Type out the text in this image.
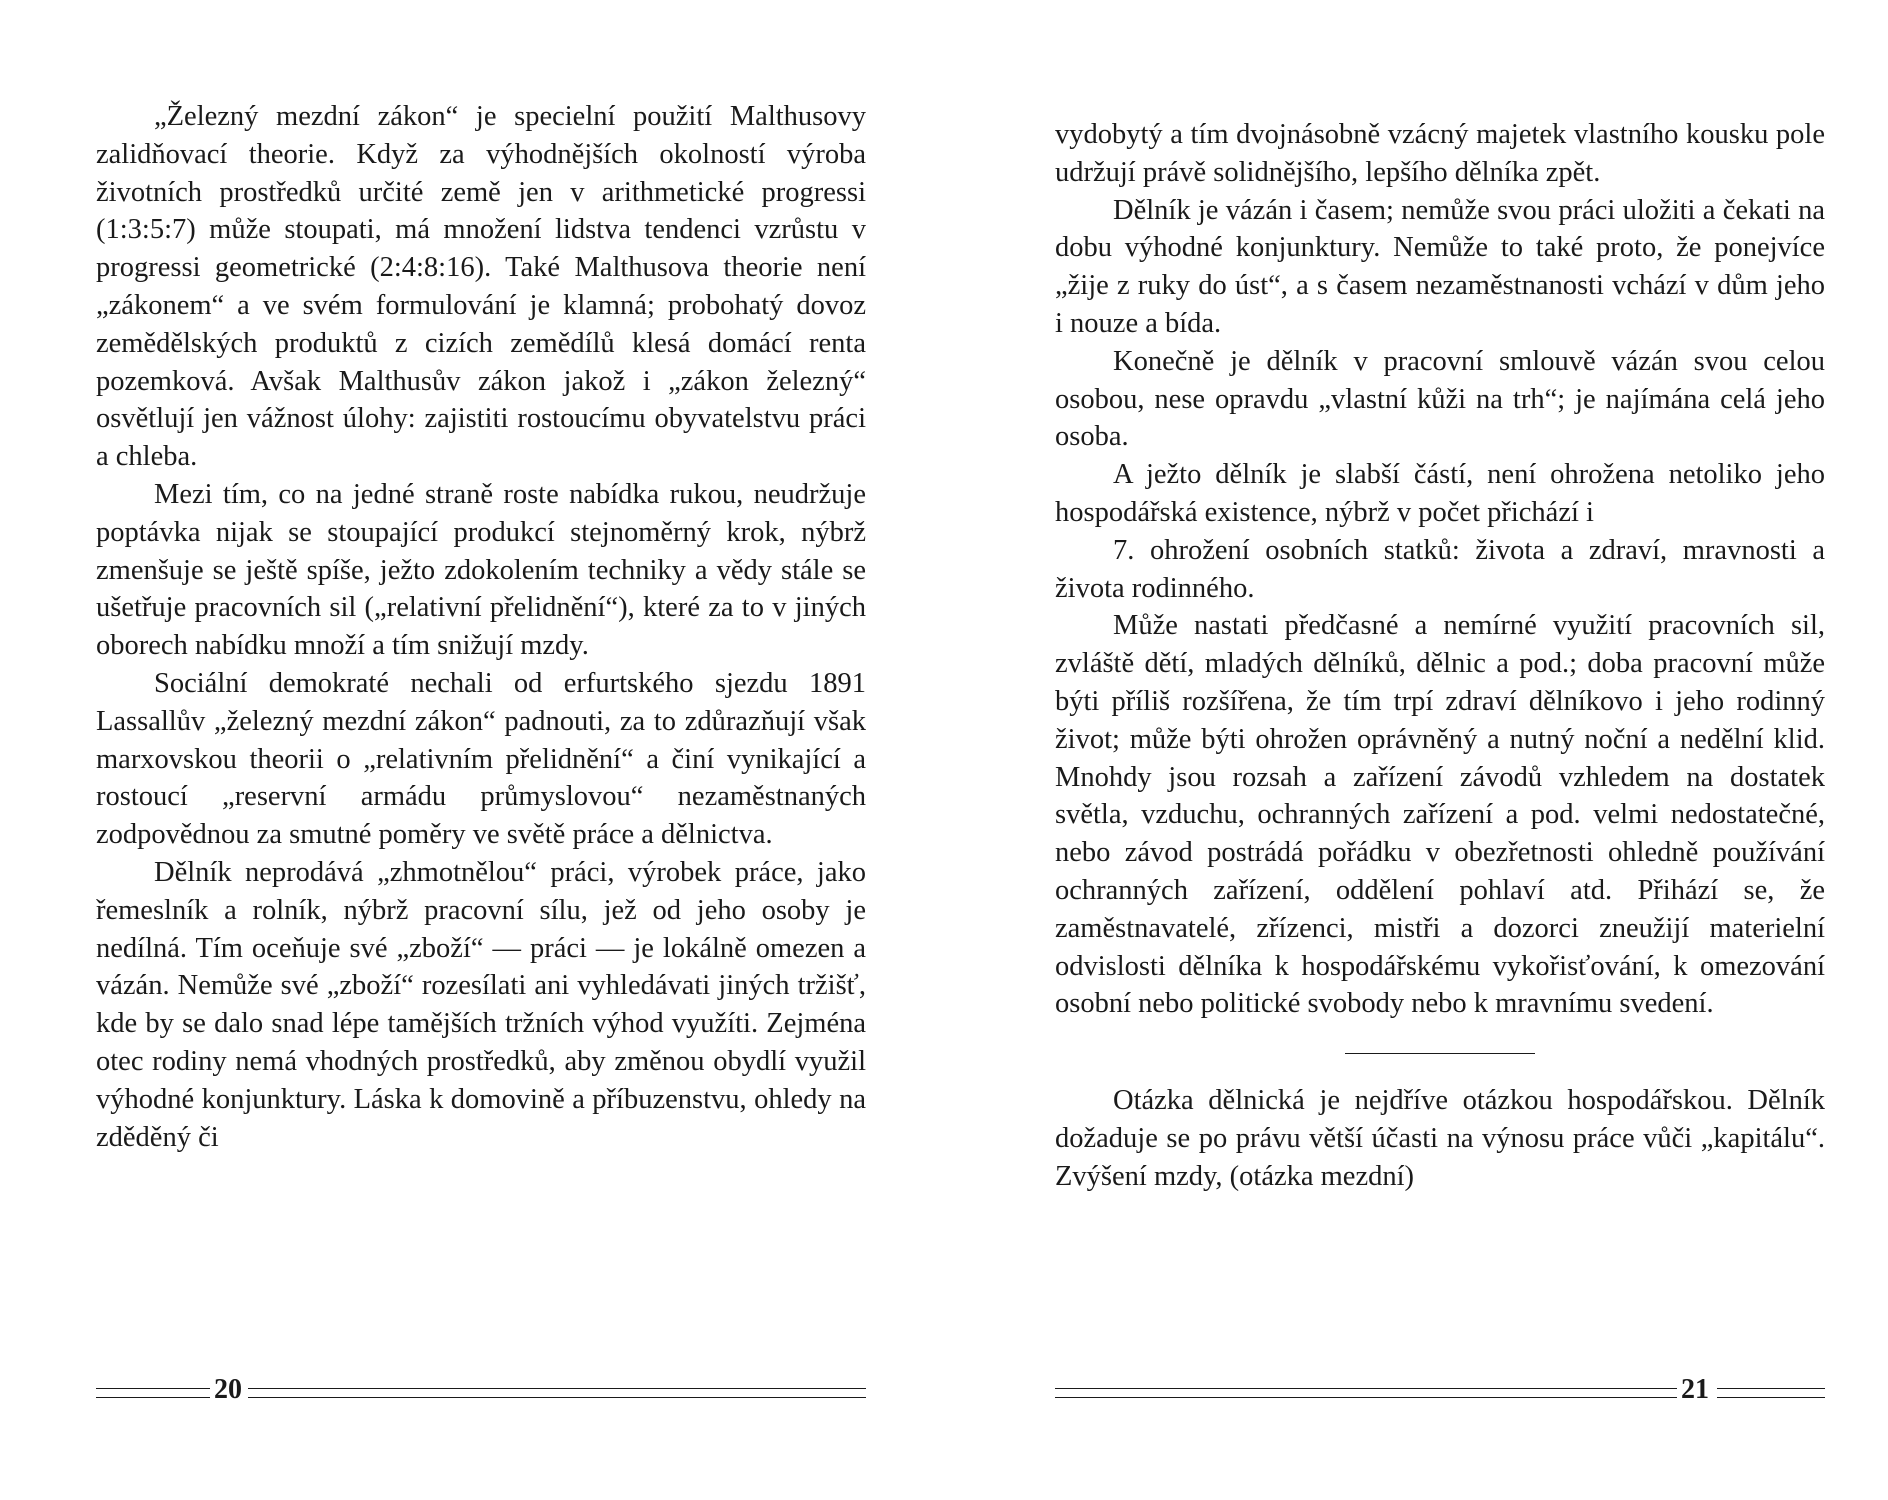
„Železný mezdní zákon“ je specielní použití Malthusovy zalidňovací theorie. Když za výhodnějších okolností výroba životních prostředků určité země jen v arithmetické progressi (1:3:5:7) může stoupati, má množení lidstva tendenci vzrůstu v progressi geometrické (2:4:8:16). Také Malthusova theorie není „zákonem“ a ve svém formulování je klamná; probohatý dovoz zemědělských produktů z cizích zemědílů klesá domácí renta pozemková. Avšak Malthusův zákon jakož i „zákon železný“ osvětlují jen vážnost úlohy: zajistiti rostoucímu obyvatelstvu práci a chleba.

Mezi tím, co na jedné straně roste nabídka rukou, neudržuje poptávka nijak se stoupající produkcí stejnoměrný krok, nýbrž zmenšuje se ještě spíše, ježto zdokolením techniky a vědy stále se ušetřuje pracovních sil („relativní přelidnění“), které za to v jiných oborech nabídku množí a tím snižují mzdy.

Sociální demokraté nechali od erfurtského sjezdu 1891 Lassallův „železný mezdní zákon“ padnouti, za to zdůrazňují však marxovskou theorii o „relativním přelidnění“ a činí vynikající a rostoucí „reservní armádu průmyslovou“ nezaměstnaných zodpovědnou za smutné poměry ve světě práce a dělnictva.

Dělník neprodává „zhmotnělou“ práci, výrobek práce, jako řemeslník a rolník, nýbrž pracovní sílu, jež od jeho osoby je nedílná. Tím oceňuje své „zboží“ — práci — je lokálně omezen a vázán. Nemůže své „zboží“ rozesílati ani vyhledávati jiných tržišť, kde by se dalo snad lépe tamějších tržních výhod využíti. Zejména otec rodiny nemá vhodných prostředků, aby změnou obydlí využil výhodné konjunktury. Láska k domovině a příbuzenstvu, ohledy na zděděný či

20

vydobytý a tím dvojnásobně vzácný majetek vlastního kousku pole udržují právě solidnějšího, lepšího dělníka zpět.

Dělník je vázán i časem; nemůže svou práci uložiti a čekati na dobu výhodné konjunktury. Nemůže to také proto, že ponejvíce „žije z ruky do úst“, a s časem nezaměstnanosti vchází v dům jeho i nouze a bída.

Konečně je dělník v pracovní smlouvě vázán svou celou osobou, nese opravdu „vlastní kůži na trh“; je najímána celá jeho osoba.

A ježto dělník je slabší částí, není ohrožena netoliko jeho hospodářská existence, nýbrž v počet přichází i

7. ohrožení osobních statků: života a zdraví, mravnosti a života rodinného.

Může nastati předčasné a nemírné využití pracovních sil, zvláště dětí, mladých dělníků, dělnic a pod.; doba pracovní může býti příliš rozšířena, že tím trpí zdraví dělníkovo i jeho rodinný život; může býti ohrožen oprávněný a nutný noční a nedělní klid. Mnohdy jsou rozsah a zařízení závodů vzhledem na dostatek světla, vzduchu, ochranných zařízení a pod. velmi nedostatečné, nebo závod postrádá pořádku v obezřetnosti ohledně používání ochranných zařízení, oddělení pohlaví atd. Přihází se, že zaměstnavatelé, zřízenci, mistři a dozorci zneužijí materielní odvislosti dělníka k hospodářskému vykořisťování, k omezování osobní nebo politické svobody nebo k mravnímu svedení.

Otázka dělnická je nejdříve otázkou hospodářskou. Dělník dožaduje se po právu větší účasti na výnosu práce vůči „kapitálu“. Zvýšení mzdy, (otázka mezdní)

21
